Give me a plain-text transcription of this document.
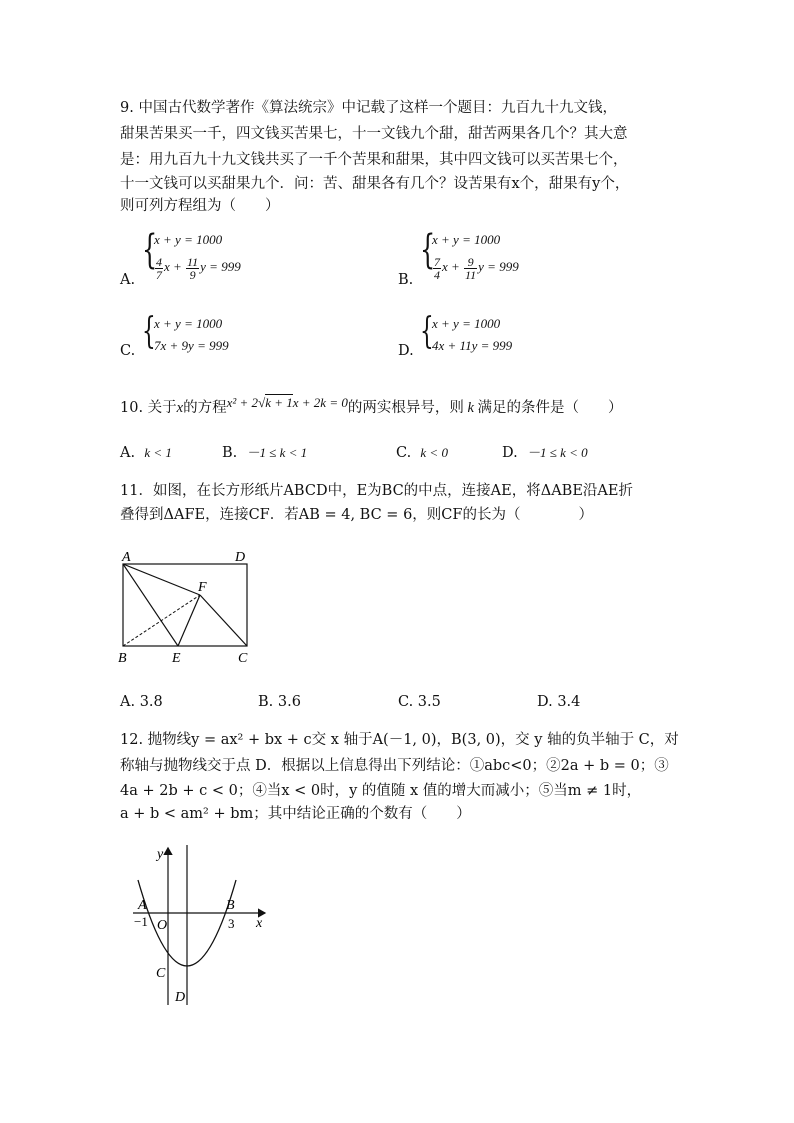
9. 中国古代数学著作《算法统宗》中记载了这样一个题目：九百九十九文钱，
甜果苦果买一千，四文钱买苦果七，十一文钱九个甜，甜苦两果各几个？其大意
是：用九百九十九文钱共买了一千个苦果和甜果，其中四文钱可以买苦果七个，
十一文钱可以买甜果九个．问：苦、甜果各有几个？设苦果有x个，甜果有y个，
则可列方程组为（　　）
A.
{
x + y = 1000
$\frac{4}{7}$ $x + \frac{11}{9}$ y = 999
B.
{
x + y = 1000
$\frac{7}{4}$ $x + \frac{9}{11}$ y = 999
C. {
x + y = 1000
7x + 9y = 999	D. {
x + y = 1000
4x + 11y = 999
10. 关于x的方程x² + 2√k + 1x + 2k = 0的两实根异号，则 k 满足的条件是（　　）
A. k < 1	B. －1 ≤ k < 1	C. k < 0	D. －1 ≤ k < 0
11．如图，在长方形纸片ABCD中，E为BC的中点，连接AE，将ΔABE沿AE折
叠得到ΔAFE，连接CF．若AB = 4, BC = 6，则CF的长为（　　　　）
A	D
F
B	E	C
A. 3.8	B. 3.6	C. 3.5	D. 3.4
12. 抛物线y = ax² + bx + c交 x 轴于A(－1, 0)，B(3, 0)，交 y 轴的负半轴于 C，对
称轴与抛物线交于点 D．根据以上信息得出下列结论：①abc<0；②2a + b = 0；③
4a + 2b + c < 0；④当x < 0时，y 的值随 x 值的增大而减小；⑤当m ≠ 1时，
a + b < am² + bm；其中结论正确的个数有（　　）
y
x
A	B
−1 O	3
C
D
